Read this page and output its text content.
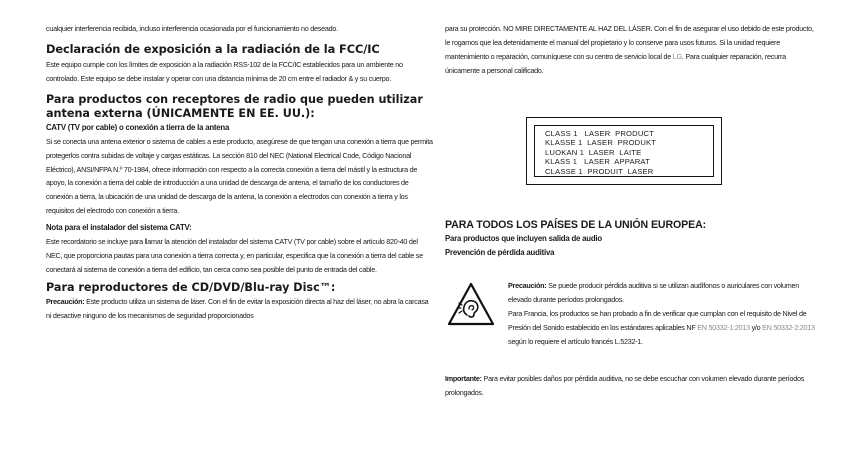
cualquier interferencia recibida, incluso interferencia ocasionada por el funcionamiento no deseado.

Declaración de exposición a la radiación de la FCC/IC

Este equipo cumple con los límites de exposición a la radiación RSS-102 de la FCC/IC establecidos para un ambiente no controlado. Este equipo se debe instalar y operar con una distancia mínima de 20 cm entre el radiador & y su cuerpo.

Para productos con receptores de radio que pueden utilizar antena externa (ÚNICAMENTE EN EE. UU.):
CATV (TV por cable) o conexión a tierra de la antena

Si se conecta una antena exterior o sistema de cables a este producto, asegúrese de que tengan una conexión a tierra que permita protegerlos contra subidas de voltaje y cargas estáticas. La sección 810 del NEC (National Electrical Code, Código Nacional Eléctrico), ANSI/NFPA N.º 70-1984, ofrece información con respecto a la correcta conexión a tierra del mástil y la estructura de apoyo, la conexión a tierra del cable de introducción a una unidad de descarga de antena, el tamaño de los conductores de conexión a tierra, la ubicación de una unidad de descarga de la antena, la conexión a electrodos con conexión a tierra y los requisitos del electrodo con conexión a tierra.

Nota para el instalador del sistema CATV:

Este recordatorio se incluye para llamar la atención del instalador del sistema CATV (TV por cable) sobre el artículo 820-40 del NEC, que proporciona pautas para una conexión a tierra correcta y, en particular, especifica que la conexión a tierra del cable se conectará al sistema de conexión a tierra del edificio, tan cerca como sea posible del punto de entrada del cable.

Para reproductores de CD/DVD/Blu-ray Disc™:

Precaución: Este producto utiliza un sistema de láser. Con el fin de evitar la exposición directa al haz del láser, no abra la carcasa ni desactive ninguno de los mecanismos de seguridad proporcionados

para su protección. NO MIRE DIRECTAMENTE AL HAZ DEL LÁSER. Con el fin de asegurar el uso debido de este producto, le rogamos que lea detenidamente el manual del propietario y lo conserve para usos futuros. Si la unidad requiere mantenimiento o reparación, comuníquese con su centro de servicio local de LG. Para cualquier reparación, recurra únicamente a personal calificado.

CLASS 1   LASER  PRODUCT
KLASSE 1  LASER  PRODUKT
LUOKAN 1  LASER  LAITE
KLASS 1   LASER  APPARAT
CLASSE 1  PRODUIT  LASER
PARA TODOS LOS PAÍSES DE LA UNIÓN EUROPEA:
Para productos que incluyen salida de audio
Prevención de pérdida auditiva

Precaución: Se puede producir pérdida auditiva si se utilizan audífonos o auriculares con volumen elevado durante períodos prolongados.

Para Francia, los productos se han probado a fin de verificar que cumplan con el requisito de Nivel de Presión del Sonido establecido en los estándares aplicables NF EN 50332-1:2013 y/o EN 50332-2:2013 según lo requiere el artículo francés L.5232-1.

Importante: Para evitar posibles daños por pérdida auditiva, no se debe escuchar con volumen elevado durante períodos prolongados.
